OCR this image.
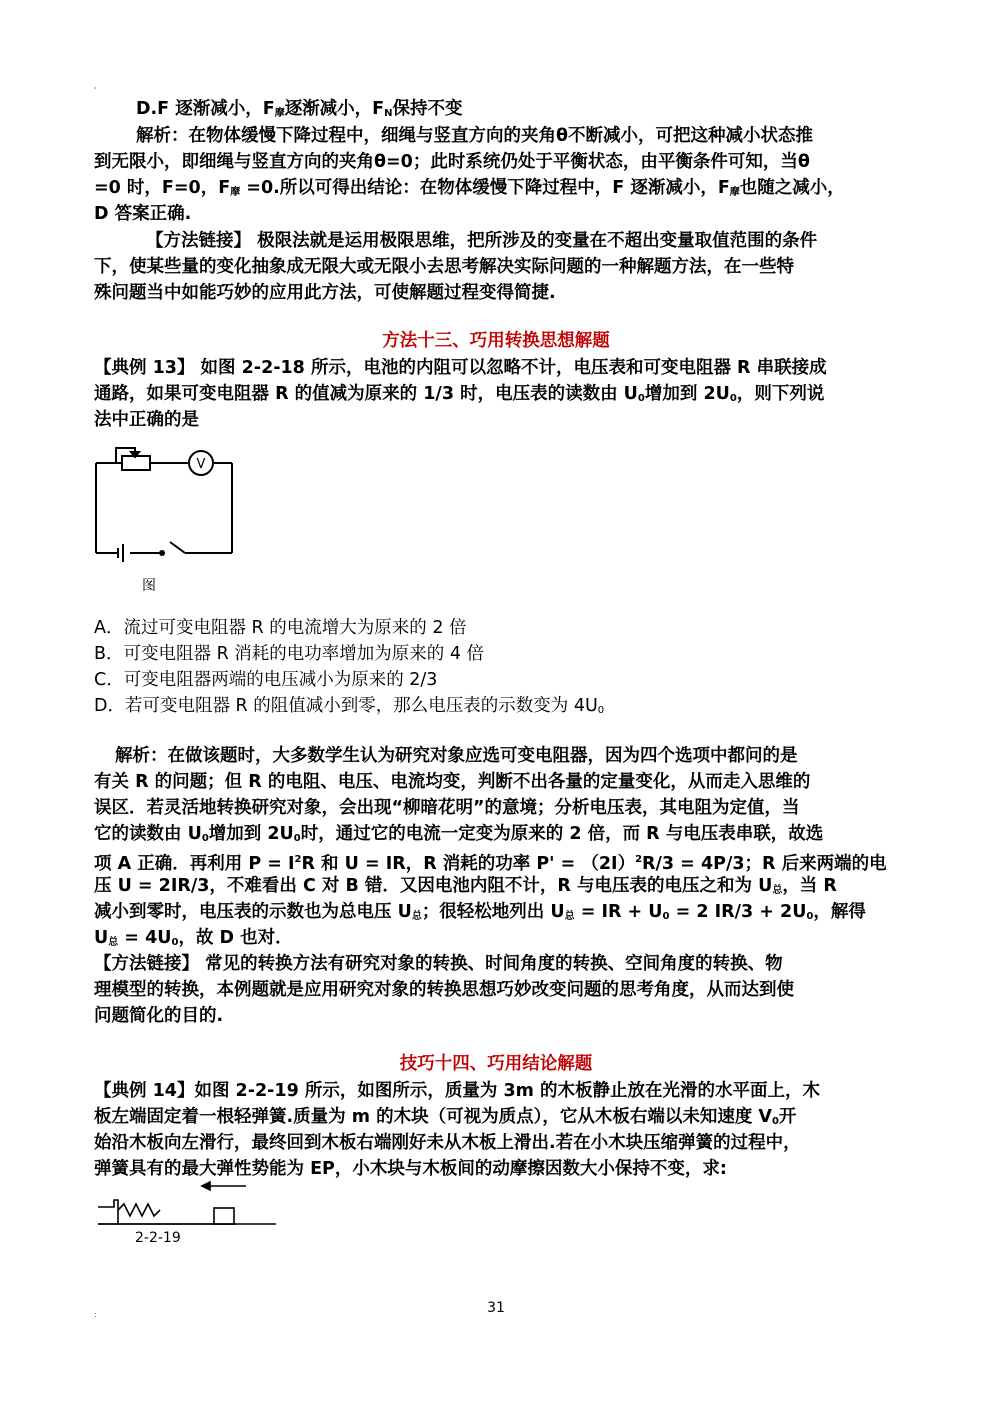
'
D.F 逐渐减小，$F_摩$逐渐减小，$F_N$保持不变
解析：在物体缓慢下降过程中，细绳与竖直方向的夹角θ不断减小，可把这种减小状态推
到无限小，即细绳与竖直方向的夹角θ=0；此时系统仍处于平衡状态，由平衡条件可知，当θ
=0 时，F=0，$F_摩 =0$.所以可得出结论：在物体缓慢下降过程中，F 逐渐减小，$F_摩$也随之减小，
D 答案正确.
【方法链接】 极限法就是运用极限思维，把所涉及的变量在不超出变量取值范围的条件
下，使某些量的变化抽象成无限大或无限小去思考解决实际问题的一种解题方法，在一些特
殊问题当中如能巧妙的应用此方法，可使解题过程变得简捷.
方法十三、巧用转换思想解题
【典例 13】 如图 2-2-18 所示，电池的内阻可以忽略不计，电压表和可变电阻器 R 串联接成
通路，如果可变电阻器 R 的值减为原来的 1/3 时，电压表的读数由 $U_0$增加到 $2U_0$，则下列说
法中正确的是
V
图
A．流过可变电阻器 R 的电流增大为原来的 2 倍
B．可变电阻器 R 消耗的电功率增加为原来的 4 倍
C．可变电阻器两端的电压减小为原来的 2/3
D．若可变电阻器 R 的阻值减小到零，那么电压表的示数变为 $4U_0$
解析：在做该题时，大多数学生认为研究对象应选可变电阻器，因为四个选项中都问的是
有关 R 的问题；但 R 的电阻、电压、电流均变，判断不出各量的定量变化，从而走入思维的
误区．若灵活地转换研究对象，会出现“柳暗花明”的意境；分析电压表，其电阻为定值，当
它的读数由 $U_0$增加到 $2U_0$时，通过它的电流一定变为原来的 2 倍，而 R 与电压表串联，故选
项 A 正确．再利用 $P = I^2R$ 和 U = IR，R 消耗的功率 $P' = (2I)^2R/3 = 4P/3$；R 后来两端的电
压 U = 2IR/3，不难看出 C 对 B 错．又因电池内阻不计，R 与电压表的电压之和为 $U_总$，当 R
减小到零时，电压表的示数也为总电压 $U_总$；很轻松地列出 $U_总$ = IR + $U_0 = 2$ $IR/3 + 2U_0$，解得
$U_总 = 4U_0$，故 D 也对．
【方法链接】 常见的转换方法有研究对象的转换、时间角度的转换、空间角度的转换、物
理模型的转换，本例题就是应用研究对象的转换思想巧妙改变问题的思考角度，从而达到使
问题简化的目的.
技巧十四、巧用结论解题
【典例 14】如图 2-2-19 所示，如图所示，质量为 3m 的木板静止放在光滑的水平面上，木
板左端固定着一根轻弹簧.质量为 m 的木块（可视为质点），它从木板右端以未知速度 $V_0$开
始沿木板向左滑行，最终回到木板右端刚好未从木板上滑出.若在小木块压缩弹簧的过程中，
弹簧具有的最大弹性势能为 EP，小木块与木板间的动摩擦因数大小保持不变，求:
2-2-19
:	31
